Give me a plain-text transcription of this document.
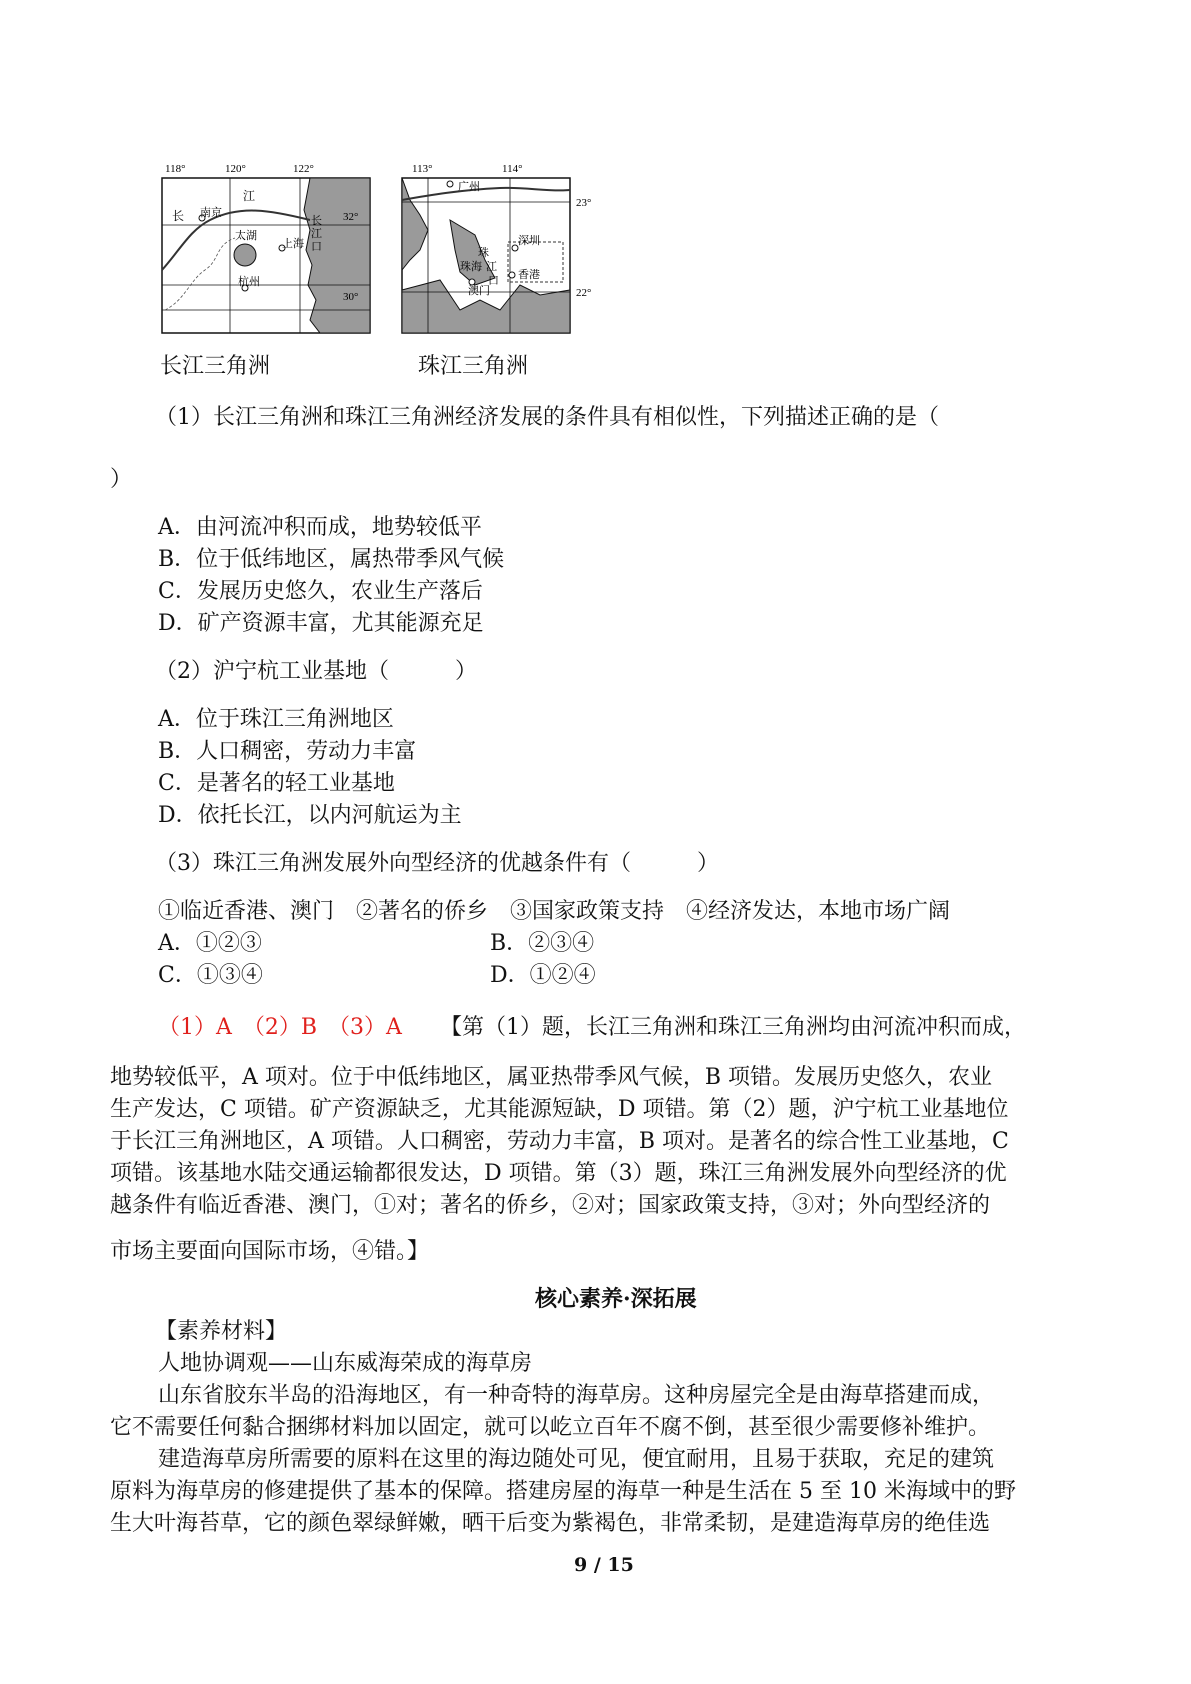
118°	120°	122°
32°
30°
江
长 南京
太湖
上海
杭州
长
江
口
113°	114°
23°
22°
广州
深圳
珠
珠海 江
口
澳门
香港
长江三角洲	珠江三角洲
（1）长江三角洲和珠江三角洲经济发展的条件具有相似性，下列描述正确的是（
）
A．由河流冲积而成，地势较低平
B．位于低纬地区，属热带季风气候
C．发展历史悠久，农业生产落后
D．矿产资源丰富，尤其能源充足
（2）沪宁杭工业基地（　　　）
A．位于珠江三角洲地区
B．人口稠密，劳动力丰富
C．是著名的轻工业基地
D．依托长江，以内河航运为主
（3）珠江三角洲发展外向型经济的优越条件有（　　　）
①临近香港、澳门　②著名的侨乡　③国家政策支持　④经济发达，本地市场广阔
A．①②③	B．②③④
C．①③④	D．①②④
（1）A　（2）B　（3）A 【第（1）题，长江三角洲和珠江三角洲均由河流冲积而成，
地势较低平，A 项对。位于中低纬地区，属亚热带季风气候，B 项错。发展历史悠久，农业
生产发达，C 项错。矿产资源缺乏，尤其能源短缺，D 项错。第（2）题，沪宁杭工业基地位
于长江三角洲地区，A 项错。人口稠密，劳动力丰富，B 项对。是著名的综合性工业基地，C
项错。该基地水陆交通运输都很发达，D 项错。第（3）题，珠江三角洲发展外向型经济的优
越条件有临近香港、澳门，①对；著名的侨乡，②对；国家政策支持，③对；外向型经济的
市场主要面向国际市场，④错。】
核心素养·深拓展
【素养材料】
人地协调观——山东威海荣成的海草房
山东省胶东半岛的沿海地区，有一种奇特的海草房。这种房屋完全是由海草搭建而成，
它不需要任何黏合捆绑材料加以固定，就可以屹立百年不腐不倒，甚至很少需要修补维护。
建造海草房所需要的原料在这里的海边随处可见，便宜耐用，且易于获取，充足的建筑
原料为海草房的修建提供了基本的保障。搭建房屋的海草一种是生活在 5 至 10 米海域中的野
生大叶海苔草，它的颜色翠绿鲜嫩，晒干后变为紫褐色，非常柔韧，是建造海草房的绝佳选
9 / 15
